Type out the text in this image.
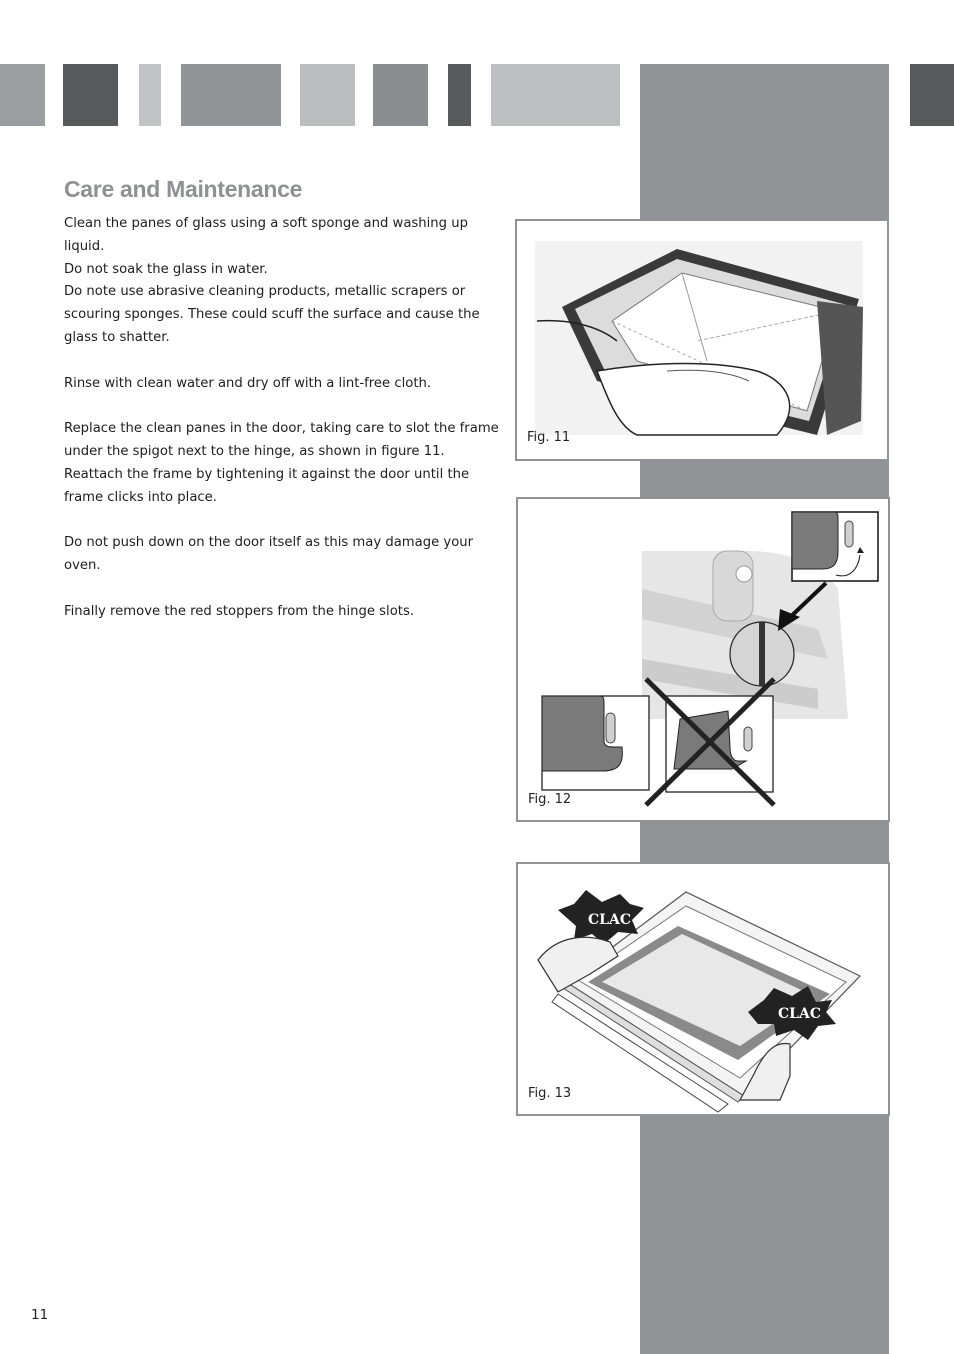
Care and Maintenance

Clean the panes of glass using a soft sponge and washing up liquid.
Do not soak the glass in water.
Do note use abrasive cleaning products, metallic scrapers or
scouring sponges. These could scuff the surface and cause the
glass to shatter.

Rinse with clean water and dry off with a lint-free cloth.

Replace the clean panes in the door, taking care to slot the frame
under the spigot next to the hinge, as shown in figure 11.
Reattach the frame by tightening it against the door until the
frame clicks into place.

Do not push down on the door itself as this may damage your
oven.

Finally remove the red stoppers from the hinge slots.

Fig. 11
Fig. 12
CLAC
CLAC
Fig. 13
11
